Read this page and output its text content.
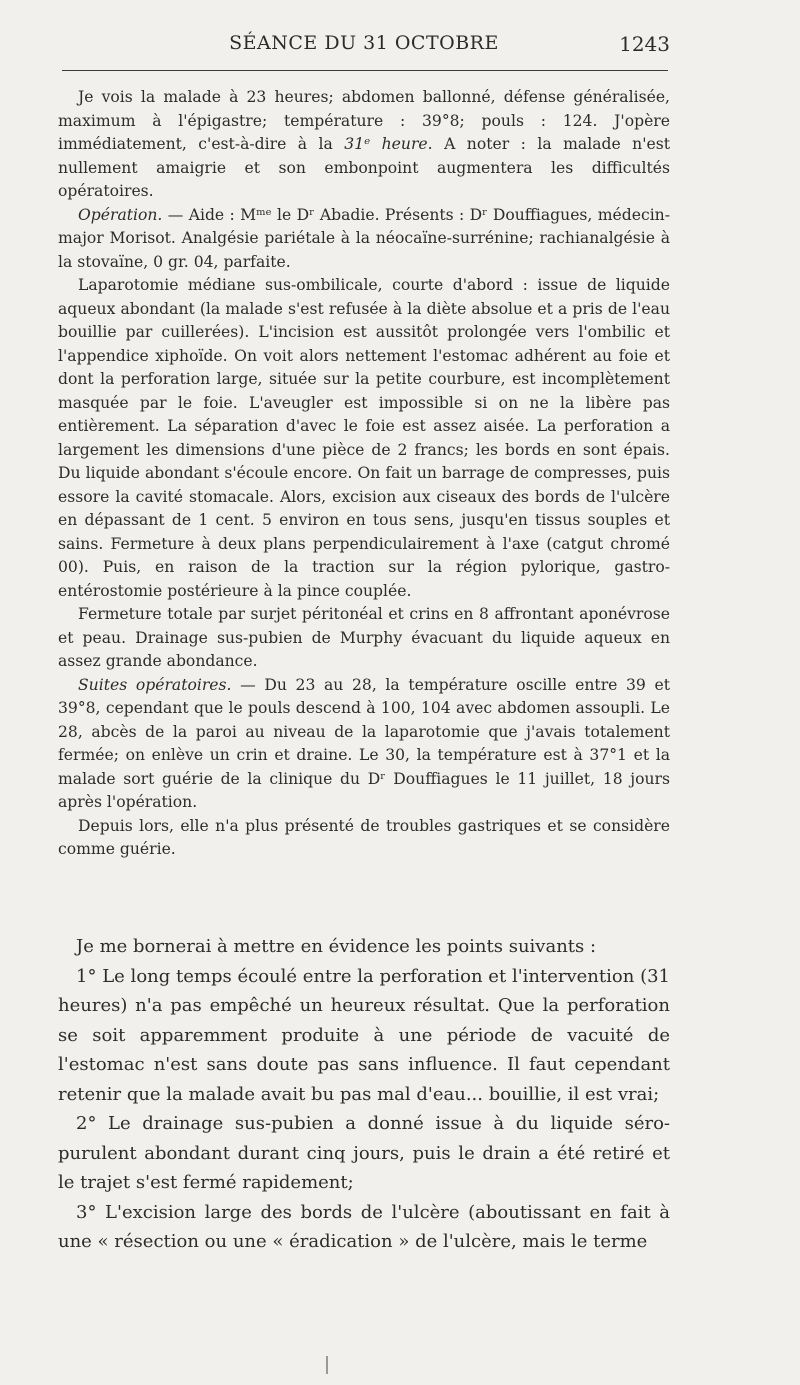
SÉANCE DU 31 OCTOBRE	1243

Je vois la malade à 23 heures; abdomen ballonné, défense généralisée, maximum à l'épigastre; température : 39°8; pouls : 124. J'opère immédiatement, c'est-à-dire à la 31ᵉ heure. A noter : la malade n'est nullement amaigrie et son embonpoint augmentera les difficultés opératoires.

Opération. — Aide : Mᵐᵉ le Dʳ Abadie. Présents : Dʳ Douffiagues, médecin-major Morisot. Analgésie pariétale à la néocaïne-surrénine; rachianalgésie à la stovaïne, 0 gr. 04, parfaite.

Laparotomie médiane sus-ombilicale, courte d'abord : issue de liquide aqueux abondant (la malade s'est refusée à la diète absolue et a pris de l'eau bouillie par cuillerées). L'incision est aussitôt prolongée vers l'ombilic et l'appendice xiphoïde. On voit alors nettement l'estomac adhérent au foie et dont la perforation large, située sur la petite courbure, est incomplètement masquée par le foie. L'aveugler est impossible si on ne la libère pas entièrement. La séparation d'avec le foie est assez aisée. La perforation a largement les dimensions d'une pièce de 2 francs; les bords en sont épais. Du liquide abondant s'écoule encore. On fait un barrage de compresses, puis essore la cavité stomacale. Alors, excision aux ciseaux des bords de l'ulcère en dépassant de 1 cent. 5 environ en tous sens, jusqu'en tissus souples et sains. Fermeture à deux plans perpendiculairement à l'axe (catgut chromé 00). Puis, en raison de la traction sur la région pylorique, gastro-entérostomie postérieure à la pince couplée.

Fermeture totale par surjet péritonéal et crins en 8 affrontant aponévrose et peau. Drainage sus-pubien de Murphy évacuant du liquide aqueux en assez grande abondance.

Suites opératoires. — Du 23 au 28, la température oscille entre 39 et 39°8, cependant que le pouls descend à 100, 104 avec abdomen assoupli. Le 28, abcès de la paroi au niveau de la laparotomie que j'avais totalement fermée; on enlève un crin et draine. Le 30, la température est à 37°1 et la malade sort guérie de la clinique du Dʳ Douffiagues le 11 juillet, 18 jours après l'opération.

Depuis lors, elle n'a plus présenté de troubles gastriques et se considère comme guérie.

Je me bornerai à mettre en évidence les points suivants :

1° Le long temps écoulé entre la perforation et l'intervention (31 heures) n'a pas empêché un heureux résultat. Que la perforation se soit apparemment produite à une période de vacuité de l'estomac n'est sans doute pas sans influence. Il faut cependant retenir que la malade avait bu pas mal d'eau... bouillie, il est vrai;

2° Le drainage sus-pubien a donné issue à du liquide séro-purulent abondant durant cinq jours, puis le drain a été retiré et le trajet s'est fermé rapidement;

3° L'excision large des bords de l'ulcère (aboutissant en fait à une « résection ou une « éradication » de l'ulcère, mais le terme
